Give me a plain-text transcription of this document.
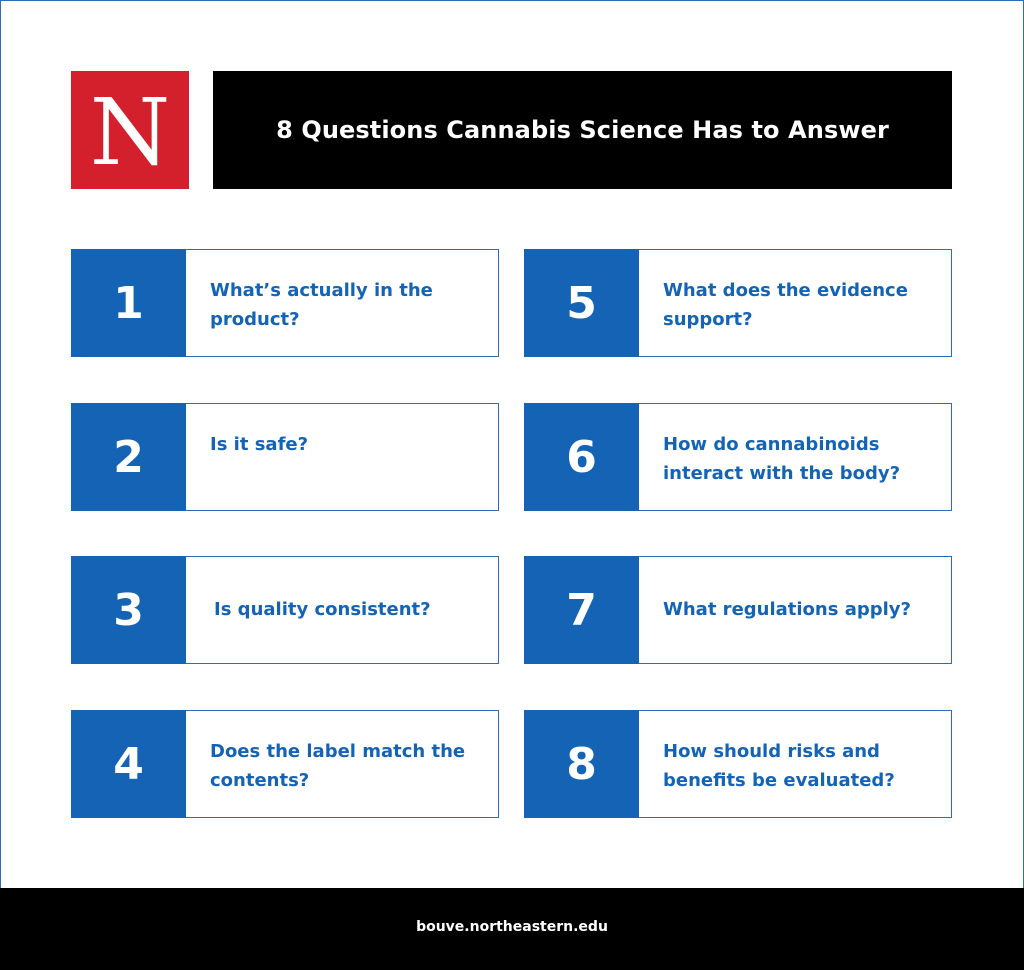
N	8 Questions Cannabis Science Has to Answer
1	What’s actually in the product?
2	Is it safe?
3	Is quality consistent?
4	Does the label match the contents?
5	What does the evidence support?
6	How do cannabinoids interact with the body?
7	What regulations apply?
8	How should risks and benefits be evaluated?
bouve.northeastern.edu
